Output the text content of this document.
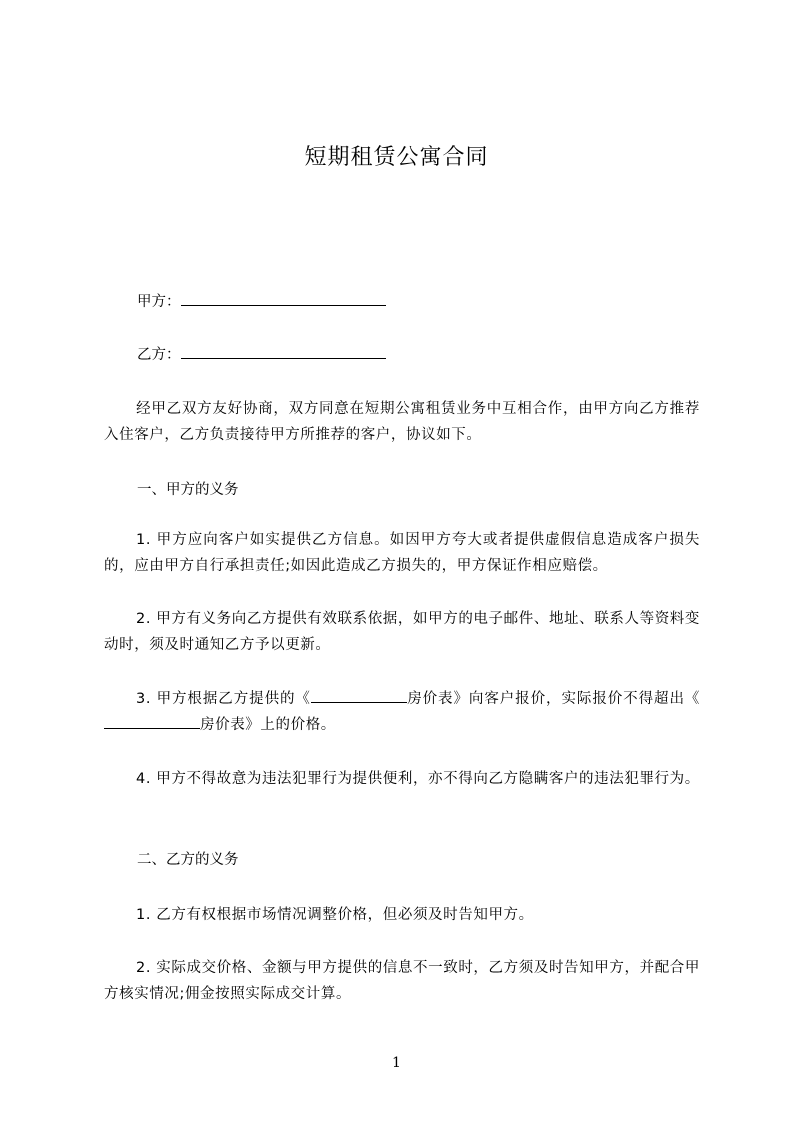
短期租赁公寓合同
甲方：
乙方：
经甲乙双方友好协商，双方同意在短期公寓租赁业务中互相合作，由甲方向乙方推荐入住客户，乙方负责接待甲方所推荐的客户，协议如下。
一、甲方的义务
1. 甲方应向客户如实提供乙方信息。如因甲方夸大或者提供虚假信息造成客户损失的，应由甲方自行承担责任;如因此造成乙方损失的，甲方保证作相应赔偿。
2. 甲方有义务向乙方提供有效联系依据，如甲方的电子邮件、地址、联系人等资料变动时，须及时通知乙方予以更新。
3. 甲方根据乙方提供的《	房价表》向客户报价，实际报价不得超出《房价表》上的价格。
4. 甲方不得故意为违法犯罪行为提供便利，亦不得向乙方隐瞒客户的违法犯罪行为。
二、乙方的义务
1. 乙方有权根据市场情况调整价格，但必须及时告知甲方。
2. 实际成交价格、金额与甲方提供的信息不一致时，乙方须及时告知甲方，并配合甲方核实情况;佣金按照实际成交计算。
1
